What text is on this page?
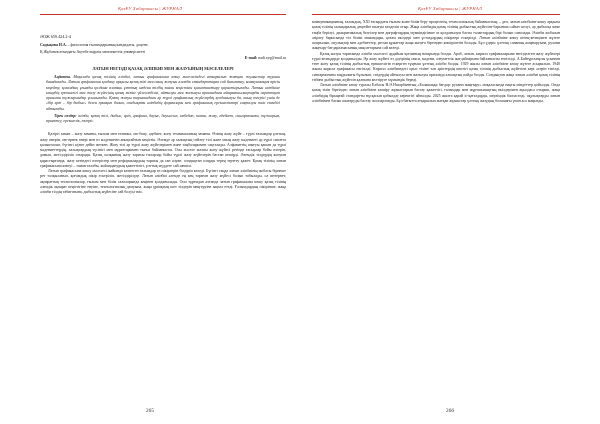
ҚазҰУ Хабаршысы | ЖУРНАЛ

ӘОЖ 659.424.2-4

Садықова Н.А. – филология ғылымдарының кандидаты, доцент,

Қ.Жұбанов атындағы Ақтөбе өңірлік мемлекеттік университеті

E-mail: nadi.syq@mail.ru

ЛАТЫН НЕГІЗДІ ҚАЗАҚ ӘЛІПБИІ МЕН ЖАЗУЫНЫҢ МӘСЕЛЕЛЕРІ

Аңдатпа. Мақалада қазақ тілінің әліпбиі, латын графикасына көшу мәселесіндегі аткарылып жатқан жұмыстар туралы баяндалады. Латын графикасын қолдану арқылы қазақ тілі мен оның жазуын әлемдік стандарттарға сай бағыттау, коммуникация өрісін кеңейту, қоғамдық ұғымды қолдана алатын ұлттық мәдени тілдің зиялы кеңістігін қалыптастыру қарастырылады. Латын әліпбиіне көшудің ерекшелігі мен жазу жүйесінің қазақ тіліне үйлесімділігі, айтылуы мен жазылуы арасындағы айырмашылықтарды сараптауға арналған тұжырымдар ұсынылады. Қазақ жазуы тарихындағы әр түрлі графикалық жүйелердің қолданылуы да, оның өзгерісі үшін де «бір әріп – бір дыбыс» деген принцип болып, сондықтан әліпбидің формалары мен графикалық ерекшеліктері сақталуы тиіс екендігі айтылады.

Тірек сөздер: әліпби, қазақ тілі, дыбыс, әріп, графика, дауыс, дауыссыз, әмбебап, заман, жазу, әдебиет, сингармонизм, тұжырым, өрнектеу, ерекшелік, өзгеріс.

Қазіргі заман – жазу заманы, ғылым мен техника, ою-бояу, әдебиет, жазу техникасының заманы. Өзінің жазу жүйе – түрлі ғалымдар ұлттың, жазу өнерін, ою-өрнек өнері мен өз мәдениетін анықтайтын кеңістік. Әлемде әр халықтың сөйлеу тілі және оның жазу мәдениеті әр түрлі сипатта қалыптасып, бүгінгі күнге дейін жеткен. Жазу тілі әр түрлі жазу жүйелерімен және таңбаларымен сақталады. Алфавиттің шығуы қашан да түрлі мәдениеттердің, халықтардың түсінігі мен мұраттарымен тығыз байланысты. Осы мәселе жалпы жазу жүйесі ретінде ғасырлар бойы өзгеріп, дамып, жетілдіріліп отырады. Қазақ халқының жазу тарихы ғасырлар бойы түрлі жазу жүйелерін бастан кешірді. Әлемдік тілдердің жазуын қарастырғанда, жазу кезіндегі өзгерістер мен реформалардың тарихы да сан алуан, сондықтан оларды терең зерттеу қажет. Қазақ тілінің латын графикасына көшуі – заман талабы, жаһанданудың қажеттілігі, ұлттық мүддеге сай шешім.

Латын графикасына көшу мәселесі жайында көптеген ғалымдар өз пікірлерін білдіріп келеді. Бүгінгі таңда латын әліпбиінің жобасы бірнеше рет талқыланып, қоғамдық пікір ескеріліп, жетілдірілуде. Латын әліпбиі әлемде ең кең тараған жазу жүйесі болып табылады, ол интернет, ақпараттық технологиялар, ғылым мен білім салаларында кеңінен қолданылады. Осы тұрғыдан алғанда латын графикасына көшу қазақ тілінің әлемдік ақпарат кеңістігіне енуіне, технологиялық дамуына, жаңа ұрпақтың шет тілдерін меңгеруіне ықпал етеді. Ғалымдардың пікірінше, жаңа әліпби тілдің табиғатына, дыбыстық жүйесіне сай болуы тиіс.

265
ҚазҰУ Хабаршысы | ЖУРНАЛ

коммуникацияның, ғаламдық, XXI ғасырдағы ғылым және білім беру процесінің, технологиялық байланыстың, – деп, латын әліпбиіне көшу арқылы қазақ тілінің халықаралық деңгейге шығуы көзделіп отыр. Жаңа әліпбидің қазақ тілінің дыбыстық жүйесіне барынша сәйкес келуі, әр дыбысқа жеке таңба берілуі, диакритикалық белгілер мен диграфтардың мүмкіндігінше аз қолданылуы басты талаптардың бірі болып саналады. Әліпби жобасын әзірлеу барысында тіл білімі мамандары, қоғам өкілдері мен ұстаздардың пікірлері ескерілді. Латын әліпбиіне көшу кезең-кезеңімен жүзеге асырылып, оқулықтар мен әдебиеттер, ресми құжаттар жаңа жазуға біртіндеп көшірілетін болады. Бұл үдеріс ұлттық сананың жаңғыруына, рухани жаңғыру бағдарламасының мақсаттарына сай келеді.

Қазақ жазуы тарихында әліпби мәселесі әрдайым қоғамның назарында болды. Араб, латын, кирилл графикаларына негізделген жазу жүйелері түрлі кезеңдерде қолданылды. Әр жазу жүйесі өз дәуірінің саяси, мәдени, әлеуметтік жағдайларына байланысты енгізілді. А.Байтұрсынұлы ұсынған төте жазу қазақ тілінің дыбыстық ерекшелігін ескерген тұңғыш ұлттық әліпби болды. 1929 жылы латын әліпбиіне көшу жүзеге асырылып, 1940 жылы кирилл графикасы енгізілді. Кирилл әліпбиіндегі орыс тіліне тән әріптердің көптігі қазақ тілінің дыбыстық жүйесіне кері әсерін тигізді, сингармонизм заңдылығы бұзылып, сөздердің айтылуы мен жазылуы арасында алшақтық пайда болды. Сондықтан жаңа латын әліпбиі қазақ тілінің табиғи дыбыстық жүйесін қалпына келтіруге мүмкіндік береді.

Латын әліпбиіне көшу туралы Елбасы Н.Ә.Назарбаевтың «Болашаққа бағдар: рухани жаңғыру» мақаласында нақты міндеттер қойылды. Онда қазақ тілін біртіндеп латын әліпбиіне көшіру жұмыстарын бастау қажеттігі, ғалымдар мен жұртшылықтың өкілдерімен ақылдаса отырып, жаңа әліпбидің бірыңғай стандартты нұсқасын қабылдау керектігі айтылды. 2025 жылға қарай іс-қағаздарды, мерзімдік баспасөзді, оқулықтарды латын әліпбиімен басып шығаруды бастау жоспарланды. Бұл бағытта атқарылып жатқан жұмыстар ұлттық жазудың болашағы үшін аса маңызды.

266
